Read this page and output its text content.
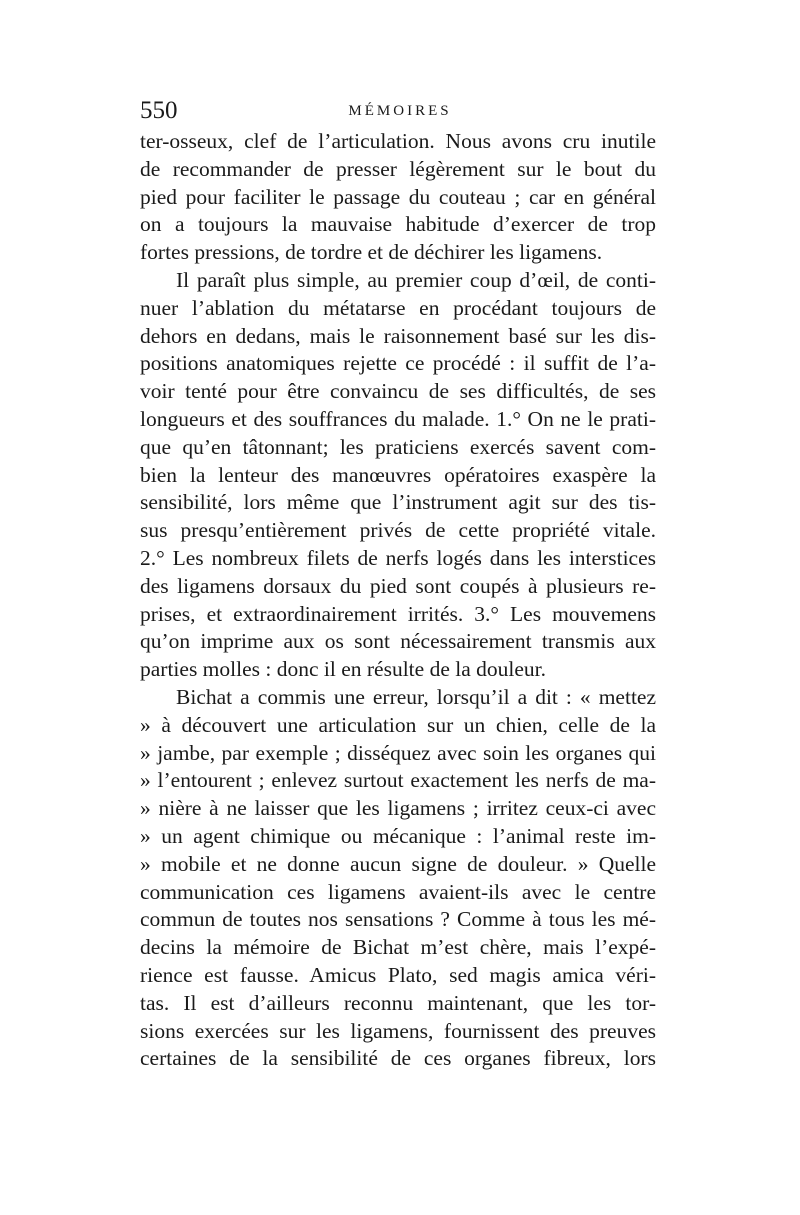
550	MÉMOIRES
ter-osseux, clef de l’articulation. Nous avons cru inutile
de recommander de presser légèrement sur le bout du
pied pour faciliter le passage du couteau ; car en général
on a toujours la mauvaise habitude d’exercer de trop
fortes pressions, de tordre et de déchirer les ligamens.
Il paraît plus simple, au premier coup d’œil, de conti-
nuer l’ablation du métatarse en procédant toujours de
dehors en dedans, mais le raisonnement basé sur les dis-
positions anatomiques rejette ce procédé : il suffit de l’a-
voir tenté pour être convaincu de ses difficultés, de ses
longueurs et des souffrances du malade. 1.° On ne le prati-
que qu’en tâtonnant; les praticiens exercés savent com-
bien la lenteur des manœuvres opératoires exaspère la
sensibilité, lors même que l’instrument agit sur des tis-
sus presqu’entièrement privés de cette propriété vitale.
2.° Les nombreux filets de nerfs logés dans les interstices
des ligamens dorsaux du pied sont coupés à plusieurs re-
prises, et extraordinairement irrités. 3.° Les mouvemens
qu’on imprime aux os sont nécessairement transmis aux
parties molles : donc il en résulte de la douleur.
Bichat a commis une erreur, lorsqu’il a dit : « mettez
» à découvert une articulation sur un chien, celle de la
» jambe, par exemple ; disséquez avec soin les organes qui
» l’entourent ; enlevez surtout exactement les nerfs de ma-
» nière à ne laisser que les ligamens ; irritez ceux-ci avec
» un agent chimique ou mécanique : l’animal reste im-
» mobile et ne donne aucun signe de douleur. » Quelle
communication ces ligamens avaient-ils avec le centre
commun de toutes nos sensations ? Comme à tous les mé-
decins la mémoire de Bichat m’est chère, mais l’expé-
rience est fausse. Amicus Plato, sed magis amica véri-
tas. Il est d’ailleurs reconnu maintenant, que les tor-
sions exercées sur les ligamens, fournissent des preuves
certaines de la sensibilité de ces organes fibreux, lors
